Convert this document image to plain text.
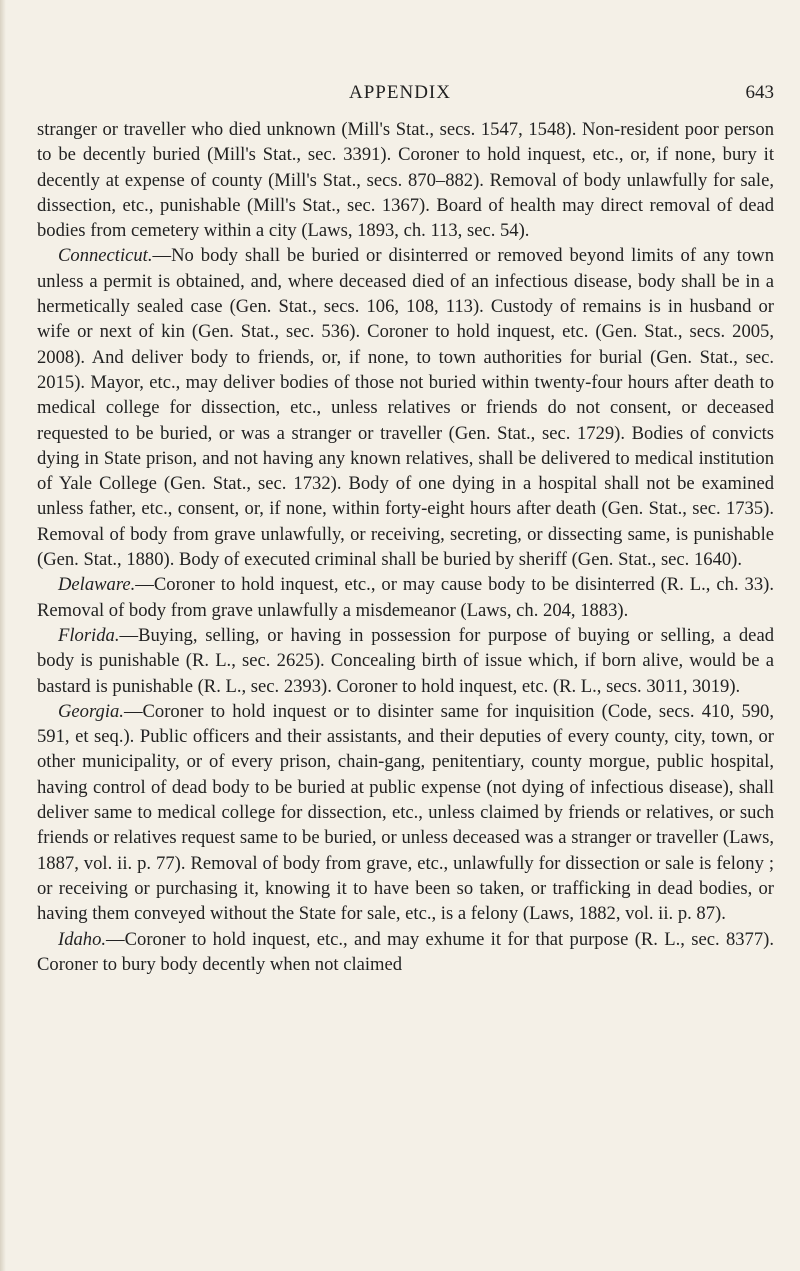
APPENDIX	643

stranger or traveller who died unknown (Mill's Stat., secs. 1547, 1548). Non-resident poor person to be decently buried (Mill's Stat., sec. 3391). Coroner to hold inquest, etc., or, if none, bury it decently at expense of county (Mill's Stat., secs. 870–882). Removal of body unlawfully for sale, dissection, etc., punishable (Mill's Stat., sec. 1367). Board of health may direct removal of dead bodies from cemetery within a city (Laws, 1893, ch. 113, sec. 54).

Connecticut.—No body shall be buried or disinterred or removed beyond limits of any town unless a permit is obtained, and, where deceased died of an infectious disease, body shall be in a hermetically sealed case (Gen. Stat., secs. 106, 108, 113). Custody of remains is in husband or wife or next of kin (Gen. Stat., sec. 536). Coroner to hold inquest, etc. (Gen. Stat., secs. 2005, 2008). And deliver body to friends, or, if none, to town authorities for burial (Gen. Stat., sec. 2015). Mayor, etc., may deliver bodies of those not buried within twenty-four hours after death to medical college for dissection, etc., unless relatives or friends do not consent, or deceased requested to be buried, or was a stranger or traveller (Gen. Stat., sec. 1729). Bodies of convicts dying in State prison, and not having any known relatives, shall be delivered to medical institution of Yale College (Gen. Stat., sec. 1732). Body of one dying in a hospital shall not be examined unless father, etc., consent, or, if none, within forty-eight hours after death (Gen. Stat., sec. 1735). Removal of body from grave unlawfully, or receiving, secreting, or dissecting same, is punishable (Gen. Stat., 1880). Body of executed criminal shall be buried by sheriff (Gen. Stat., sec. 1640).

Delaware.—Coroner to hold inquest, etc., or may cause body to be disinterred (R. L., ch. 33). Removal of body from grave unlawfully a misdemeanor (Laws, ch. 204, 1883).

Florida.—Buying, selling, or having in possession for purpose of buying or selling, a dead body is punishable (R. L., sec. 2625). Concealing birth of issue which, if born alive, would be a bastard is punishable (R. L., sec. 2393). Coroner to hold inquest, etc. (R. L., secs. 3011, 3019).

Georgia.—Coroner to hold inquest or to disinter same for inquisition (Code, secs. 410, 590, 591, et seq.). Public officers and their assistants, and their deputies of every county, city, town, or other municipality, or of every prison, chain-gang, penitentiary, county morgue, public hospital, having control of dead body to be buried at public expense (not dying of infectious disease), shall deliver same to medical college for dissection, etc., unless claimed by friends or relatives, or such friends or relatives request same to be buried, or unless deceased was a stranger or traveller (Laws, 1887, vol. ii. p. 77). Removal of body from grave, etc., unlawfully for dissection or sale is felony ; or receiving or purchasing it, knowing it to have been so taken, or trafficking in dead bodies, or having them conveyed without the State for sale, etc., is a felony (Laws, 1882, vol. ii. p. 87).

Idaho.—Coroner to hold inquest, etc., and may exhume it for that purpose (R. L., sec. 8377). Coroner to bury body decently when not claimed
